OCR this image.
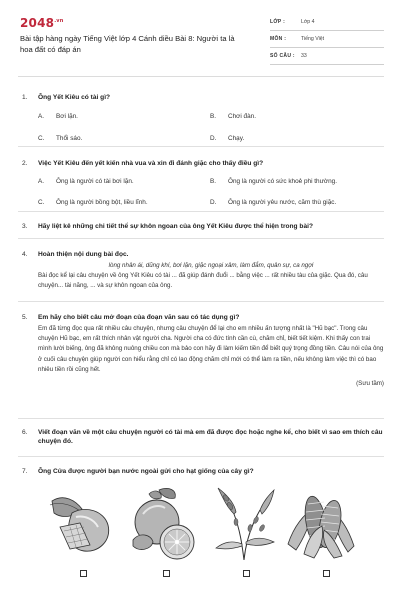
$2048^{.vn}$
Bài tập hàng ngày Tiếng Việt lớp 4 Cánh diều Bài 8: Người ta là hoa đất có đáp án
LỚP :	Lớp 4
MÔN :	Tiếng Việt
SỐ CÂU : 33
1. Ông Yết Kiêu có tài gì?
A. Bơi lặn.	B. Chơi đàn.
C. Thổi sáo.	D. Chạy.
2. Việc Yết Kiêu đến yết kiến nhà vua và xin đi đánh giặc cho thấy điều gì?
A. Ông là người có tài bơi lặn.	B. Ông là người có sức khoẻ phi thường.
C. Ông là người bồng bột, liều lĩnh.	D. Ông là người yêu nước, căm thù giặc.
3. Hãy liệt kê những chi tiết thể sự khôn ngoan của ông Yết Kiêu được thể hiện trong bài?
4. Hoàn thiện nội dung bài đọc.
lòng nhân ái, dũng khí, bơi lặn, giặc ngoại xâm, làm đắm, quân sự, ca ngợi
Bài đọc kể lại câu chuyện về ông Yết Kiêu có tài ... đã giúp đánh đuổi ... bằng việc ... rất nhiều tàu của giặc. Qua đó, câu chuyện... tài năng, ... và sự khôn ngoan của ông.
5. Em hãy cho biết câu mở đoạn của đoạn văn sau có tác dụng gì?
Em đã từng đọc qua rất nhiều câu chuyện, nhưng câu chuyện để lại cho em nhiều ấn tượng nhất là "Hũ bạc". Trong câu chuyện Hũ bạc, em rất thích nhân vật người cha. Người cha có đức tính cần cù, chăm chỉ, biết tiết kiệm. Khi thấy con trai mình lười biếng, ông đã không nuông chiều con mà bảo con hãy đi làm kiếm tiền để biết quý trọng đồng tiền. Câu nói của ông ở cuối câu chuyện giúp người con hiểu rằng chỉ có lao động chăm chỉ mới có thể làm ra tiền, nếu không làm việc thì có bao nhiêu tiền rồi cũng hết.
(Sưu tầm)
6. Viết đoạn văn về một câu chuyện người có tài mà em đã được đọc hoặc nghe kể, cho biết vì sao em thích câu chuyện đó.
7. Ông Cửa được người bạn nước ngoài gửi cho hạt giống của cây gì?
